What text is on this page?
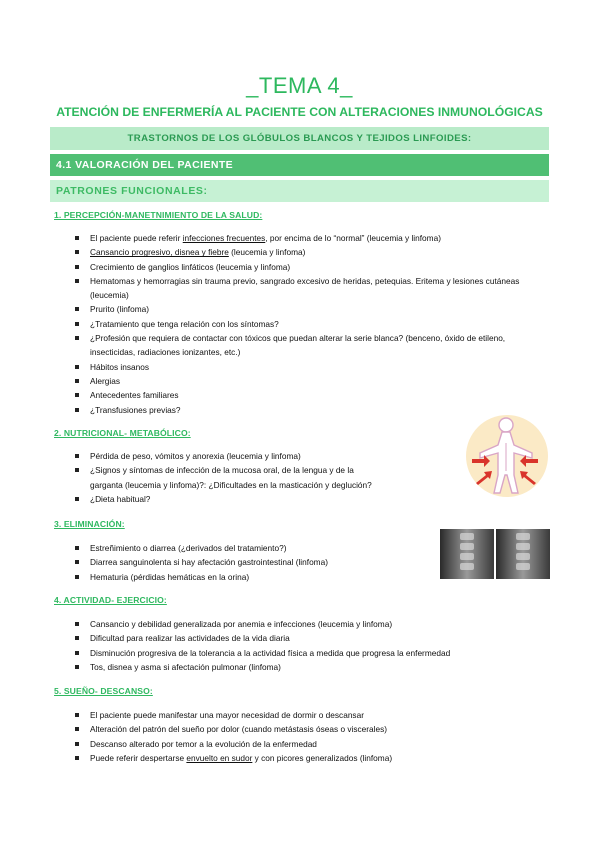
_TEMA 4_
ATENCIÓN DE ENFERMERÍA AL PACIENTE CON ALTERACIONES INMUNOLÓGICAS
TRASTORNOS DE LOS GLÓBULOS BLANCOS Y TEJIDOS LINFOIDES:
4.1 VALORACIÓN DEL PACIENTE
PATRONES FUNCIONALES:
1. PERCEPCIÓN-MANETNIMIENTO DE LA SALUD:
El paciente puede referir infecciones frecuentes, por encima de lo “normal” (leucemia y linfoma)
Cansancio progresivo, disnea y fiebre (leucemia y linfoma)
Crecimiento de ganglios linfáticos (leucemia y linfoma)
Hematomas y hemorragias sin trauma previo, sangrado excesivo de heridas, petequias. Eritema y lesiones cutáneas (leucemia)
Prurito (linfoma)
¿Tratamiento que tenga relación con los síntomas?
¿Profesión que requiera de contactar con tóxicos que puedan alterar la serie blanca? (benceno, óxido de etileno, insecticidas, radiaciones ionizantes, etc.)
Hábitos insanos
Alergias
Antecedentes familiares
¿Transfusiones previas?
2. NUTRICIONAL- METABÓLICO:
Pérdida de peso, vómitos y anorexia (leucemia y linfoma)
¿Signos y síntomas de infección de la mucosa oral, de la lengua y de la garganta (leucemia y linfoma)?: ¿Dificultades en la masticación y deglución?
¿Dieta habitual?
3. ELIMINACIÓN:
Estreñimiento o diarrea (¿derivados del tratamiento?)
Diarrea sanguinolenta si hay afectación gastrointestinal (linfoma)
Hematuria (pérdidas hemáticas en la orina)
4. ACTIVIDAD- EJERCICIO:
Cansancio y debilidad generalizada por anemia e infecciones (leucemia y linfoma)
Dificultad para realizar las actividades de la vida diaria
Disminución progresiva de la tolerancia a la actividad física a medida que progresa la enfermedad
Tos, disnea y asma si afectación pulmonar (linfoma)
5. SUEÑO- DESCANSO:
El paciente puede manifestar una mayor necesidad de dormir o descansar
Alteración del patrón del sueño por dolor (cuando metástasis óseas o viscerales)
Descanso alterado por temor a la evolución de la enfermedad
Puede referir despertarse envuelto en sudor y con picores generalizados (linfoma)
